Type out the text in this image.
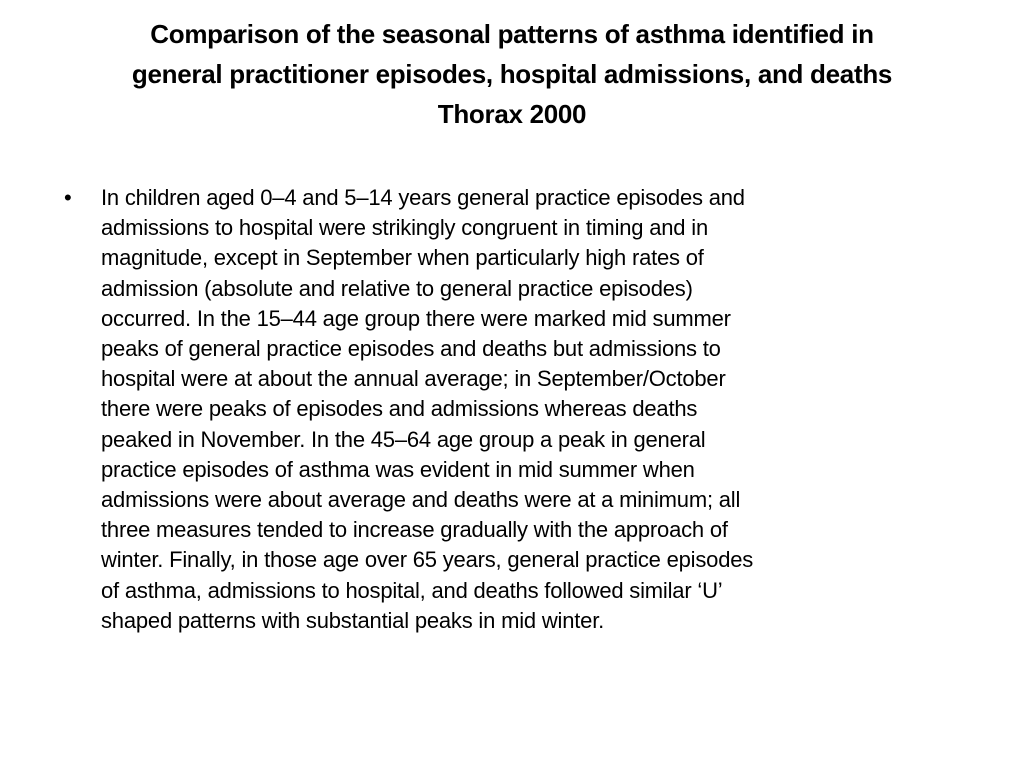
Comparison of the seasonal patterns of asthma identified in
general practitioner episodes, hospital admissions, and deaths
Thorax 2000
• In children aged 0–4 and 5–14 years general practice episodes and
admissions to hospital were strikingly congruent in timing and in
magnitude, except in September when particularly high rates of
admission (absolute and relative to general practice episodes)
occurred. In the 15–44 age group there were marked mid summer
peaks of general practice episodes and deaths but admissions to
hospital were at about the annual average; in September/October
there were peaks of episodes and admissions whereas deaths
peaked in November. In the 45–64 age group a peak in general
practice episodes of asthma was evident in mid summer when
admissions were about average and deaths were at a minimum; all
three measures tended to increase gradually with the approach of
winter. Finally, in those age over 65 years, general practice episodes
of asthma, admissions to hospital, and deaths followed similar ‘U’
shaped patterns with substantial peaks in mid winter.
